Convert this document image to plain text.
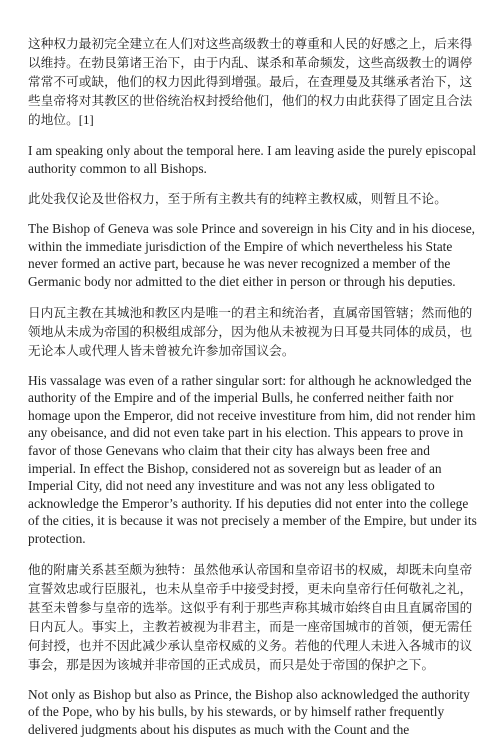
这种权力最初完全建立在人们对这些高级教士的尊重和人民的好感之上，后来得以维持。在勃艮第诸王治下，由于内乱、谋杀和革命频发，这些高级教士的调停常常不可或缺，他们的权力因此得到增强。最后，在查理曼及其继承者治下，这些皇帝将对其教区的世俗统治权封授给他们，他们的权力由此获得了固定且合法的地位。[1]

I am speaking only about the temporal here. I am leaving aside the purely episcopal authority common to all Bishops.

此处我仅论及世俗权力，至于所有主教共有的纯粹主教权威，则暂且不论。

The Bishop of Geneva was sole Prince and sovereign in his City and in his diocese, within the immediate jurisdiction of the Empire of which nevertheless his State never formed an active part, because he was never recognized a member of the Germanic body nor admitted to the diet either in person or through his deputies.

日内瓦主教在其城池和教区内是唯一的君主和统治者，直属帝国管辖；然而他的领地从未成为帝国的积极组成部分，因为他从未被视为日耳曼共同体的成员，也无论本人或代理人皆未曾被允许参加帝国议会。

His vassalage was even of a rather singular sort: for although he acknowledged the authority of the Empire and of the imperial Bulls, he conferred neither faith nor homage upon the Emperor, did not receive investiture from him, did not render him any obeisance, and did not even take part in his election. This appears to prove in favor of those Genevans who claim that their city has always been free and imperial. In effect the Bishop, considered not as sovereign but as leader of an Imperial City, did not need any investiture and was not any less obligated to acknowledge the Emperor’s authority. If his deputies did not enter into the college of the cities, it is because it was not precisely a member of the Empire, but under its protection.

他的附庸关系甚至颇为独特：虽然他承认帝国和皇帝诏书的权威，却既未向皇帝宣誓效忠或行臣服礼，也未从皇帝手中接受封授，更未向皇帝行任何敬礼之礼，甚至未曾参与皇帝的选举。这似乎有利于那些声称其城市始终自由且直属帝国的日内瓦人。事实上，主教若被视为非君主，而是一座帝国城市的首领，便无需任何封授，也并不因此减少承认皇帝权威的义务。若他的代理人未进入各城市的议事会，那是因为该城并非帝国的正式成员，而只是处于帝国的保护之下。

Not only as Bishop but also as Prince, the Bishop also acknowledged the authority of the Pope, who by his bulls, by his stewards, or by himself rather frequently delivered judgments about his disputes as much with the Count and the
